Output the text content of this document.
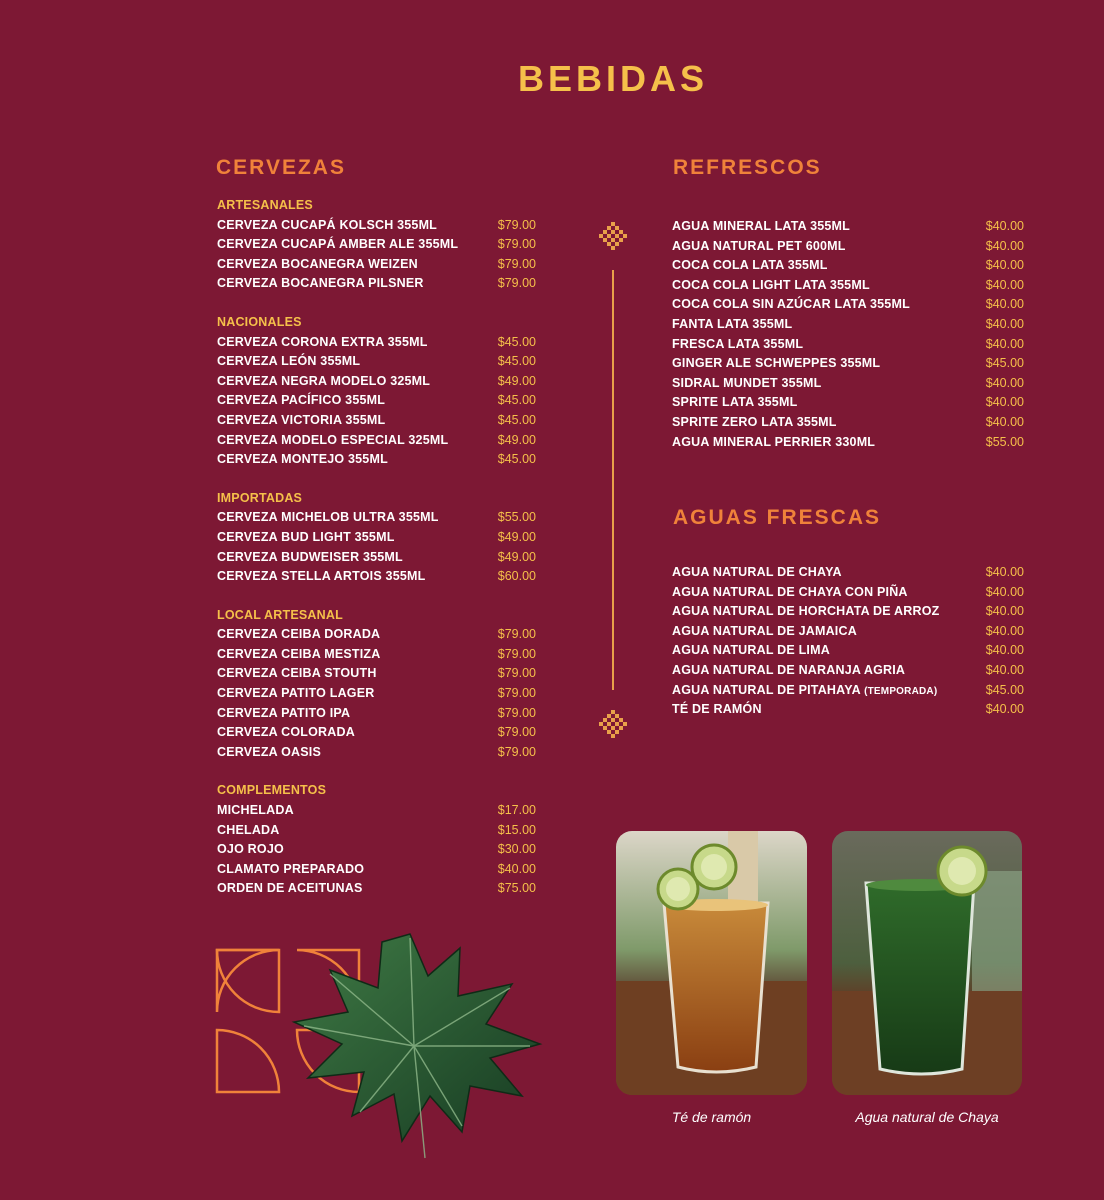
BEBIDAS
CERVEZAS
ARTESANALES
CERVEZA CUCAPÁ KOLSCH 355ML	$79.00
CERVEZA CUCAPÁ AMBER ALE 355ML	$79.00
CERVEZA BOCANEGRA WEIZEN	$79.00
CERVEZA BOCANEGRA PILSNER	$79.00
NACIONALES
CERVEZA CORONA EXTRA 355ML	$45.00
CERVEZA LEÓN 355ML	$45.00
CERVEZA NEGRA MODELO 325ML	$49.00
CERVEZA PACÍFICO 355ML	$45.00
CERVEZA VICTORIA 355ML	$45.00
CERVEZA MODELO ESPECIAL 325ML	$49.00
CERVEZA MONTEJO 355ML	$45.00
IMPORTADAS
CERVEZA MICHELOB ULTRA 355ML	$55.00
CERVEZA BUD LIGHT 355ML	$49.00
CERVEZA BUDWEISER 355ML	$49.00
CERVEZA STELLA ARTOIS 355ML	$60.00
LOCAL ARTESANAL
CERVEZA CEIBA DORADA	$79.00
CERVEZA CEIBA MESTIZA	$79.00
CERVEZA CEIBA STOUTH	$79.00
CERVEZA PATITO LAGER	$79.00
CERVEZA PATITO IPA	$79.00
CERVEZA COLORADA	$79.00
CERVEZA OASIS	$79.00
COMPLEMENTOS
MICHELADA	$17.00
CHELADA	$15.00
OJO ROJO	$30.00
CLAMATO PREPARADO	$40.00
ORDEN DE ACEITUNAS	$75.00
REFRESCOS
AGUA MINERAL LATA 355ML	$40.00
AGUA NATURAL PET 600ML	$40.00
COCA COLA LATA 355ML	$40.00
COCA COLA LIGHT LATA 355ML	$40.00
COCA COLA SIN AZÚCAR LATA 355ML	$40.00
FANTA LATA 355ML	$40.00
FRESCA LATA 355ML	$40.00
GINGER ALE SCHWEPPES 355ML	$45.00
SIDRAL MUNDET 355ML	$40.00
SPRITE LATA 355ML	$40.00
SPRITE ZERO LATA 355ML	$40.00
AGUA MINERAL PERRIER 330ML	$55.00
AGUAS FRESCAS
AGUA NATURAL DE CHAYA	$40.00
AGUA NATURAL DE CHAYA CON PIÑA	$40.00
AGUA NATURAL DE HORCHATA DE ARROZ	$40.00
AGUA NATURAL DE JAMAICA	$40.00
AGUA NATURAL DE LIMA	$40.00
AGUA NATURAL DE NARANJA AGRIA	$40.00
AGUA NATURAL DE PITAHAYA (TEMPORADA)	$45.00
TÉ DE RAMÓN	$40.00
Té de ramón	Agua natural de Chaya
